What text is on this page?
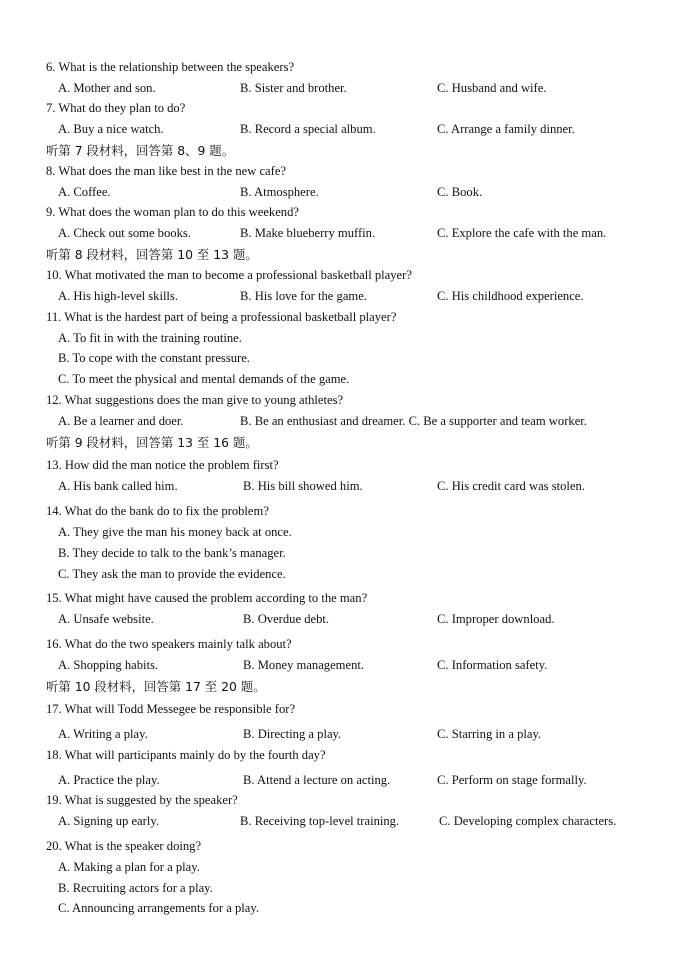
6. What is the relationship between the speakers?
A. Mother and son.	B. Sister and brother.	C. Husband and wife.
7. What do they plan to do?
A. Buy a nice watch.	B. Record a special album.	C. Arrange a family dinner.
听第 7 段材料，回答第 8、9 题。
8. What does the man like best in the new cafe?
A. Coffee.	B. Atmosphere.	C. Book.
9. What does the woman plan to do this weekend?
A. Check out some books.	B. Make blueberry muffin.	C. Explore the cafe with the man.
听第 8 段材料，回答第 10 至 13 题。
10. What motivated the man to become a professional basketball player?
A. His high-level skills.	B. His love for the game.	C. His childhood experience.
11. What is the hardest part of being a professional basketball player?
A. To fit in with the training routine.
B. To cope with the constant pressure.
C. To meet the physical and mental demands of the game.
12. What suggestions does the man give to young athletes?
A. Be a learner and doer.	B. Be an enthusiast and dreamer. C. Be a supporter and team worker.
听第 9 段材料，回答第 13 至 16 题。
13. How did the man notice the problem first?
A. His bank called him.	B. His bill showed him.	C. His credit card was stolen.
14. What do the bank do to fix the problem?
A. They give the man his money back at once.
B. They decide to talk to the bank’s manager.
C. They ask the man to provide the evidence.
15. What might have caused the problem according to the man?
A. Unsafe website.	B. Overdue debt.	C. Improper download.
16. What do the two speakers mainly talk about?
A. Shopping habits.	B. Money management.	C. Information safety.
听第 10 段材料，回答第 17 至 20 题。
17. What will Todd Messegee be responsible for?
A. Writing a play.	B. Directing a play.	C. Starring in a play.
18. What will participants mainly do by the fourth day?
A. Practice the play.	B. Attend a lecture on acting.	C. Perform on stage formally.
19. What is suggested by the speaker?
A. Signing up early.	B. Receiving top-level training.	C. Developing complex characters.
20. What is the speaker doing?
A. Making a plan for a play.
B. Recruiting actors for a play.
C. Announcing arrangements for a play.
